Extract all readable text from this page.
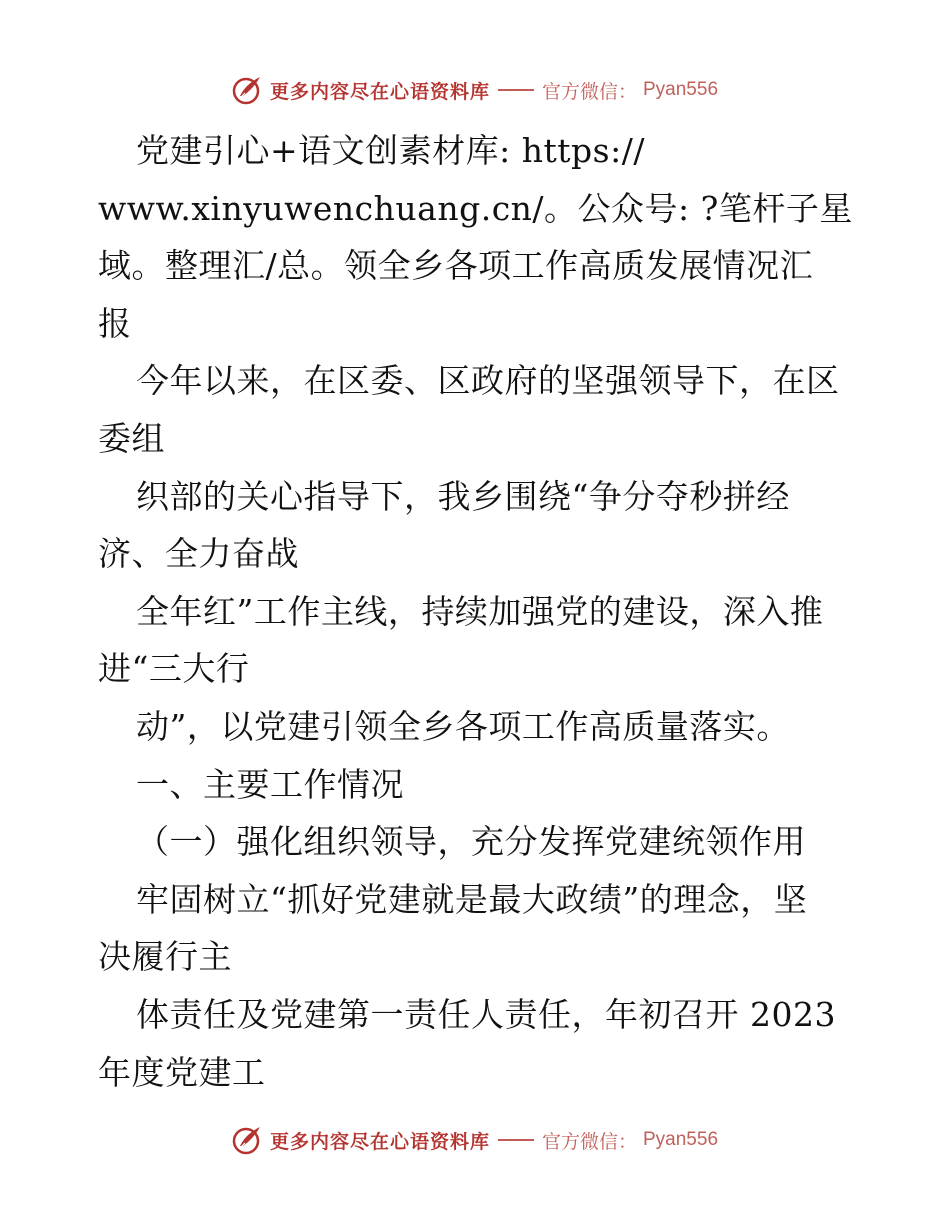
更多内容尽在心语资料库	官方微信： Pyan556
党建引心+语文创素材库: https://
www.xinyuwenchuang.cn/。公众号: ?笔杆子星
域。整理汇/总。领全乡各项工作高质发展情况汇
报
今年以来，在区委、区政府的坚强领导下，在区
委组
织部的关心指导下，我乡围绕“争分夺秒拼经
济、全力奋战
全年红”工作主线，持续加强党的建设，深入推
进“三大行
动”，以党建引领全乡各项工作高质量落实。
一、主要工作情况
（一）强化组织领导，充分发挥党建统领作用
牢固树立“抓好党建就是最大政绩”的理念，坚
决履行主
体责任及党建第一责任人责任，年初召开 2023
年度党建工
更多内容尽在心语资料库	官方微信： Pyan556
